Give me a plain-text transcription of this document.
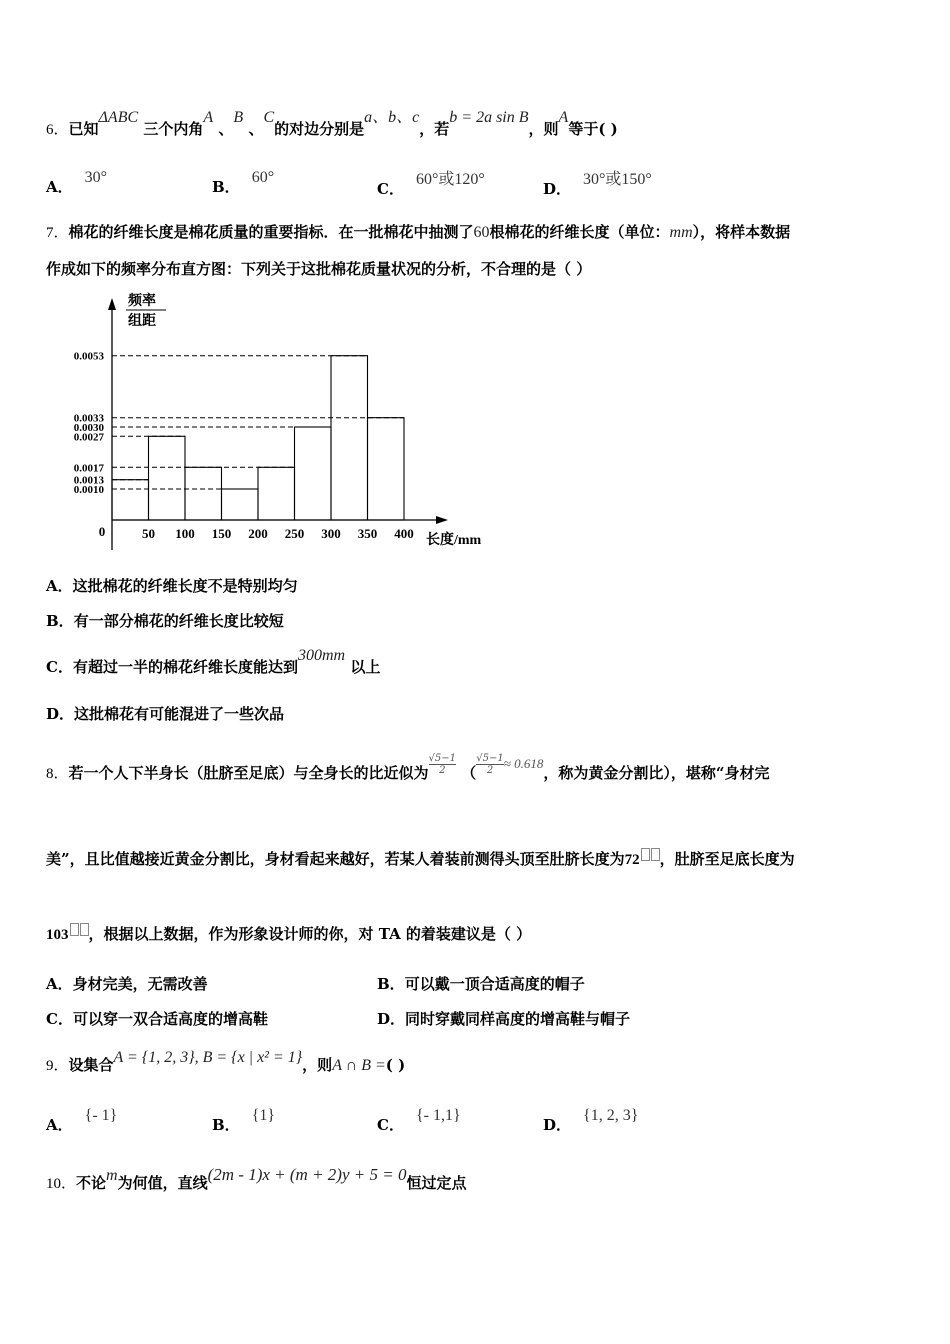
6．已知ΔABC 三个内角A 、B 、C的对边分别是a、b、c，若b = 2a sin B，则A等于( )
A．30°
B．60°
C．60°或120°
D．30°或150°
7．棉花的纤维长度是棉花质量的重要指标．在一批棉花中抽测了60根棉花的纤维长度（单位：mm），将样本数据
作成如下的频率分布直方图：下列关于这批棉花质量状况的分析，不合理的是（ ）
0.0053
0.0033
0.0030
0.0027
0.0017
0.0013
0.0010
50 100 150 200 250 300 350 400
频率
组距
长度/mm
0
A．这批棉花的纤维长度不是特别均匀
B．有一部分棉花的纤维长度比较短
C．有超过一半的棉花纤维长度能达到300mm 以上
D．这批棉花有可能混进了一些次品
8．若一个人下半身长（肚脐至足底）与全身长的比近似为$\frac{√5-1}{2} (\frac{√5-1}{2} \approx 0.618$，称为黄金分割比），堪称“身材完
美”，且比值越接近黄金分割比，身材看起来越好，若某人着装前测得头顶至肚脐长度为72 ，肚脐至足底长度为
103 ，根据以上数据，作为形象设计师的你，对 TA 的着装建议是（ ）
A．身材完美，无需改善	B．可以戴一顶合适高度的帽子
C．可以穿一双合适高度的增高鞋	D．同时穿戴同样高度的增高鞋与帽子
9．设集合A = {1, 2, 3}, B = {x | x² = 1}，则A ∩ B =( )
A．{- 1}
B．{1}
C．{- 1,1}
D．{1, 2, 3}
10．不论m为何值，直线(2m - 1)x + (m + 2)y + 5 = 0恒过定点
